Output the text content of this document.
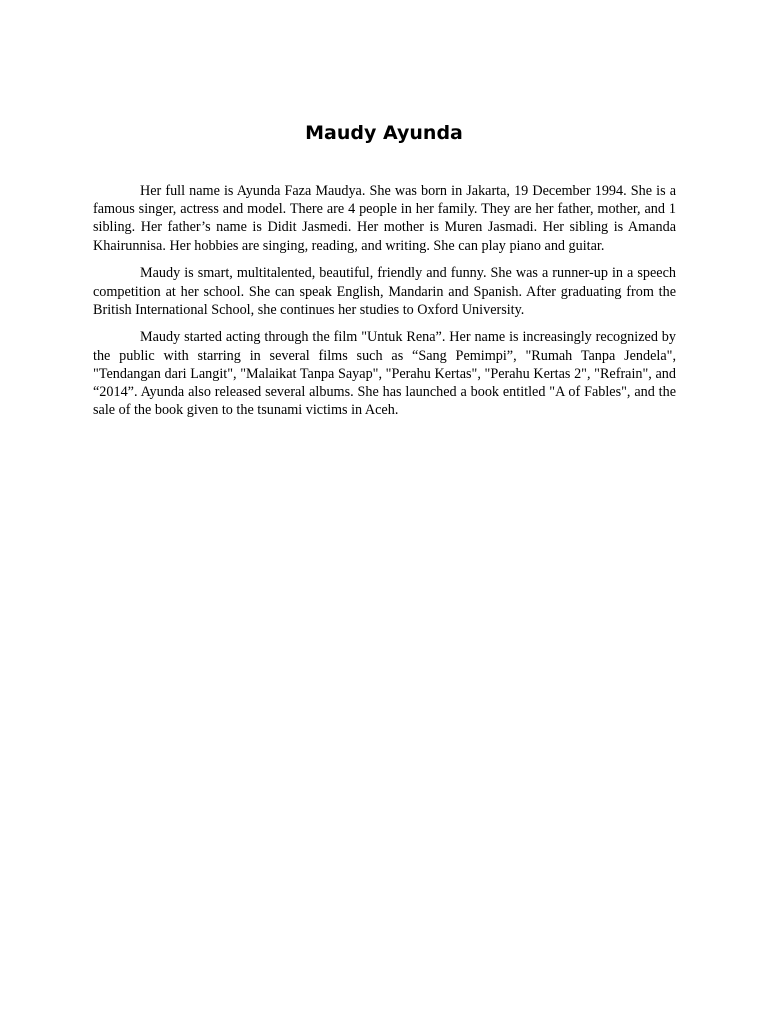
Maudy Ayunda

Her full name is Ayunda Faza Maudya. She was born in Jakarta, 19 December 1994. She is a famous singer, actress and model. There are 4 people in her family. They are her father, mother, and 1 sibling. Her father’s name is Didit Jasmedi. Her mother is Muren Jasmadi. Her sibling is Amanda Khairunnisa. Her hobbies are singing, reading, and writing. She can play piano and guitar.

Maudy is smart, multitalented, beautiful, friendly and funny. She was a runner-up in a speech competition at her school. She can speak English, Mandarin and Spanish. After graduating from the British International School, she continues her studies to Oxford University.

Maudy started acting through the film "Untuk Rena”. Her name is increasingly recognized by the public with starring in several films such as “Sang Pemimpi”, "Rumah Tanpa Jendela", "Tendangan dari Langit", "Malaikat Tanpa Sayap", "Perahu Kertas", "Perahu Kertas 2", "Refrain", and “2014”. Ayunda also released several albums. She has launched a book entitled "A of Fables", and the sale of the book given to the tsunami victims in Aceh.
